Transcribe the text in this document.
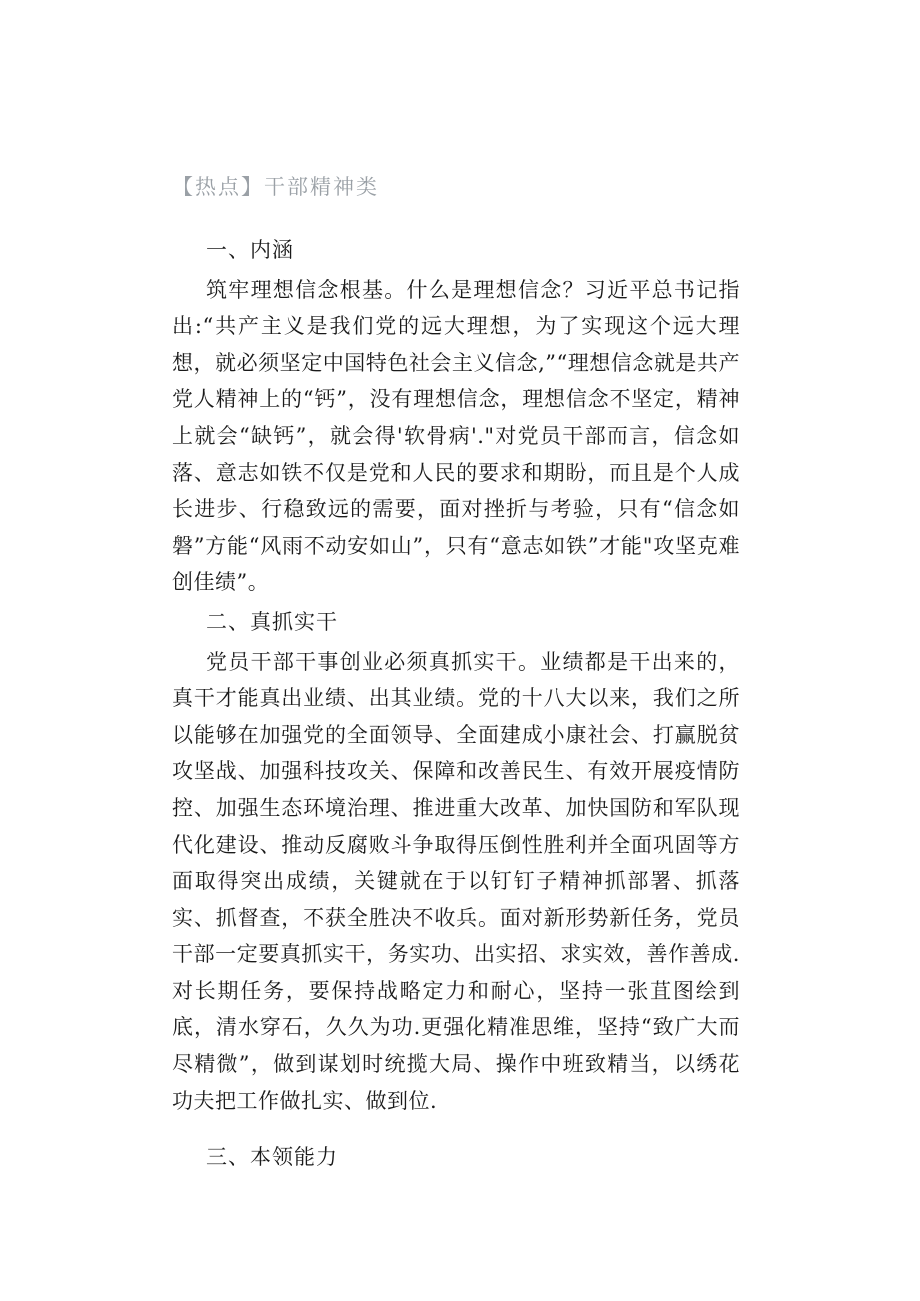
【热点】干部精神类

一、内涵

筑牢理想信念根基。什么是理想信念？习近平总书记指出:“共产主义是我们党的远大理想，为了实现这个远大理想，就必须坚定中国特色社会主义信念,”“理想信念就是共产党人精神上的“钙”，没有理想信念，理想信念不坚定，精神上就会“缺钙”，就会得'软骨病'."对党员干部而言，信念如落、意志如铁不仅是党和人民的要求和期盼，而且是个人成长进步、行稳致远的需要，面对挫折与考验，只有“信念如磐”方能“风雨不动安如山”，只有“意志如铁”才能"攻坚克难创佳绩”。

二、真抓实干

党员干部干事创业必须真抓实干。业绩都是干出来的，真干才能真出业绩、出其业绩。党的十八大以来，我们之所以能够在加强党的全面领导、全面建成小康社会、打赢脱贫攻坚战、加强科技攻关、保障和改善民生、有效开展疫情防控、加强生态环境治理、推进重大改革、加快国防和军队现代化建设、推动反腐败斗争取得压倒性胜利并全面巩固等方面取得突出成绩，关键就在于以钉钉子精神抓部署、抓落实、抓督查，不获全胜决不收兵。面对新形势新任务，党员干部一定要真抓实干，务实功、出实招、求实效，善作善成.对长期任务，要保持战略定力和耐心，坚持一张苴图绘到底，清水穿石，久久为功.更强化精准思维，坚持“致广大而尽精微”，做到谋划时统揽大局、操作中班致精当，以绣花功夫把工作做扎实、做到位.

三、本领能力
